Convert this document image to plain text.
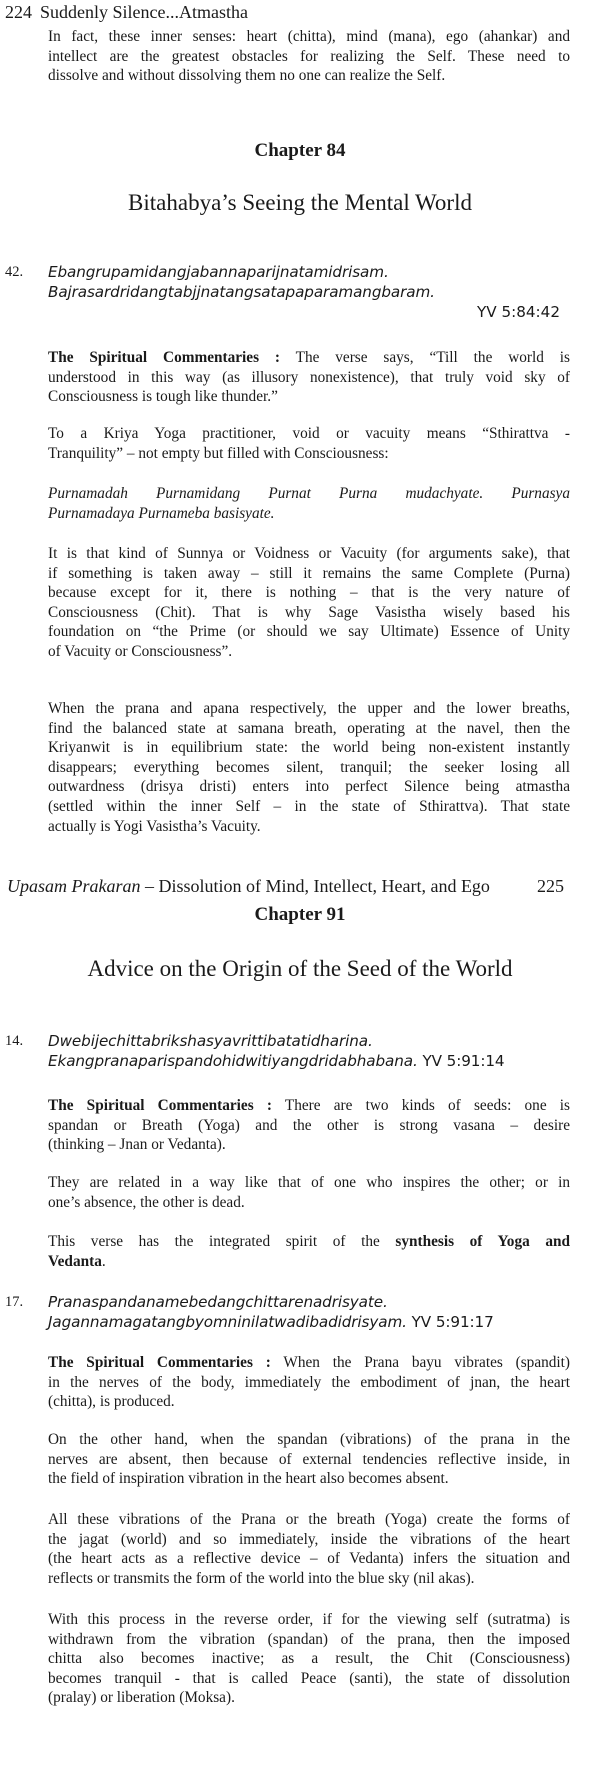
224 Suddenly Silence...Atmastha
In fact, these inner senses: heart (chitta), mind (mana), ego (ahankar) and
intellect are the greatest obstacles for realizing the Self. These need to
dissolve and without dissolving them no one can realize the Self.
Chapter 84
Bitahabya’s Seeing the Mental World
42. Ebangrupamidangjabannaparijnatamidrisam.
Bajrasardridangtabjjnatangsatapaparamangbaram.
YV 5:84:42
The Spiritual Commentaries : The verse says, “Till the world is
understood in this way (as illusory nonexistence), that truly void sky of
Consciousness is tough like thunder.”
To a Kriya Yoga practitioner, void or vacuity means “Sthirattva -
Tranquility” – not empty but filled with Consciousness:
Purnamadah Purnamidang Purnat Purna mudachyate. Purnasya
Purnamadaya Purnameba basisyate.
It is that kind of Sunnya or Voidness or Vacuity (for arguments sake), that
if something is taken away – still it remains the same Complete (Purna)
because except for it, there is nothing – that is the very nature of
Consciousness (Chit). That is why Sage Vasistha wisely based his
foundation on “the Prime (or should we say Ultimate) Essence of Unity
of Vacuity or Consciousness”.
When the prana and apana respectively, the upper and the lower breaths,
find the balanced state at samana breath, operating at the navel, then the
Kriyanwit is in equilibrium state: the world being non-existent instantly
disappears; everything becomes silent, tranquil; the seeker losing all
outwardness (drisya dristi) enters into perfect Silence being atmastha
(settled within the inner Self – in the state of Sthirattva). That state
actually is Yogi Vasistha’s Vacuity.
Upasam Prakaran – Dissolution of Mind, Intellect, Heart, and Ego	225
Chapter 91
Advice on the Origin of the Seed of the World
14. Dwebijechittabrikshasyavrittibatatidharina.
Ekangpranaparispandohidwitiyangdridabhabana. YV 5:91:14
The Spiritual Commentaries : There are two kinds of seeds: one is
spandan or Breath (Yoga) and the other is strong vasana – desire
(thinking – Jnan or Vedanta).
They are related in a way like that of one who inspires the other; or in
one’s absence, the other is dead.
This verse has the integrated spirit of the synthesis of Yoga and
Vedanta.
17. Pranaspandanamebedangchittarenadrisyate.
Jagannamagatangbyomninilatwadibadidrisyam. YV 5:91:17
The Spiritual Commentaries : When the Prana bayu vibrates (spandit)
in the nerves of the body, immediately the embodiment of jnan, the heart
(chitta), is produced.
On the other hand, when the spandan (vibrations) of the prana in the
nerves are absent, then because of external tendencies reflective inside, in
the field of inspiration vibration in the heart also becomes absent.
All these vibrations of the Prana or the breath (Yoga) create the forms of
the jagat (world) and so immediately, inside the vibrations of the heart
(the heart acts as a reflective device – of Vedanta) infers the situation and
reflects or transmits the form of the world into the blue sky (nil akas).
With this process in the reverse order, if for the viewing self (sutratma) is
withdrawn from the vibration (spandan) of the prana, then the imposed
chitta also becomes inactive; as a result, the Chit (Consciousness)
becomes tranquil - that is called Peace (santi), the state of dissolution
(pralay) or liberation (Moksa).
